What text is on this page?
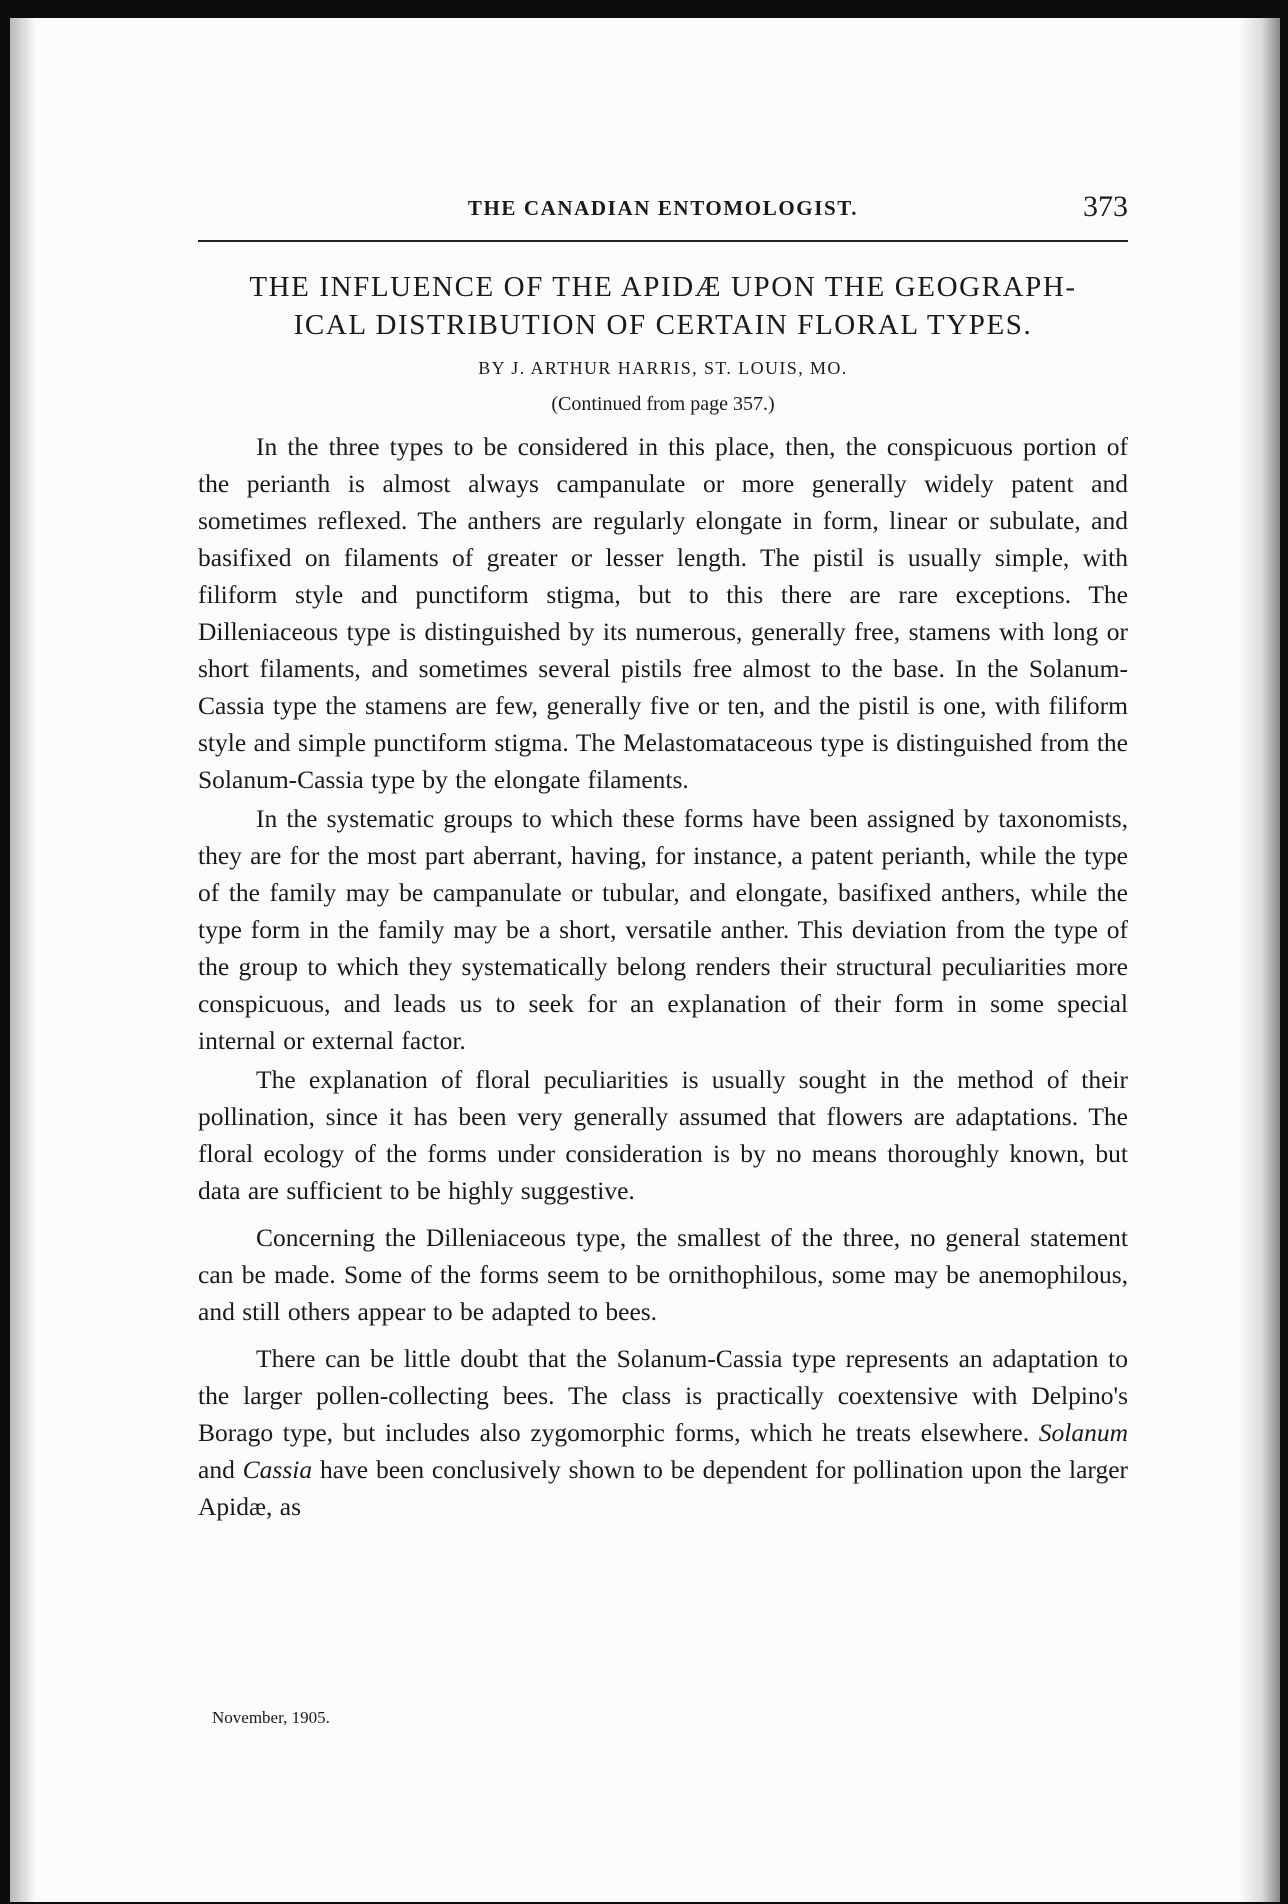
THE CANADIAN ENTOMOLOGIST.	373
THE INFLUENCE OF THE APIDÆ UPON THE GEOGRAPH-
ICAL DISTRIBUTION OF CERTAIN FLORAL TYPES.
BY J. ARTHUR HARRIS, ST. LOUIS, MO.
(Continued from page 357.)

In the three types to be considered in this place, then, the conspicuous portion of the perianth is almost always campanulate or more generally widely patent and sometimes reflexed. The anthers are regularly elongate in form, linear or subulate, and basifixed on filaments of greater or lesser length. The pistil is usually simple, with filiform style and punctiform stigma, but to this there are rare exceptions. The Dilleniaceous type is distinguished by its numerous, generally free, stamens with long or short filaments, and sometimes several pistils free almost to the base. In the Solanum-Cassia type the stamens are few, generally five or ten, and the pistil is one, with filiform style and simple punctiform stigma. The Melastomataceous type is distinguished from the Solanum-Cassia type by the elongate filaments.

In the systematic groups to which these forms have been assigned by taxonomists, they are for the most part aberrant, having, for instance, a patent perianth, while the type of the family may be campanulate or tubular, and elongate, basifixed anthers, while the type form in the family may be a short, versatile anther. This deviation from the type of the group to which they systematically belong renders their structural peculiarities more conspicuous, and leads us to seek for an explanation of their form in some special internal or external factor.

The explanation of floral peculiarities is usually sought in the method of their pollination, since it has been very generally assumed that flowers are adaptations. The floral ecology of the forms under consideration is by no means thoroughly known, but data are sufficient to be highly suggestive.

Concerning the Dilleniaceous type, the smallest of the three, no general statement can be made. Some of the forms seem to be ornithophilous, some may be anemophilous, and still others appear to be adapted to bees.

There can be little doubt that the Solanum-Cassia type represents an adaptation to the larger pollen-collecting bees. The class is practically coextensive with Delpino's Borago type, but includes also zygomorphic forms, which he treats elsewhere. Solanum and Cassia have been conclusively shown to be dependent for pollination upon the larger Apidæ, as

November, 1905.
